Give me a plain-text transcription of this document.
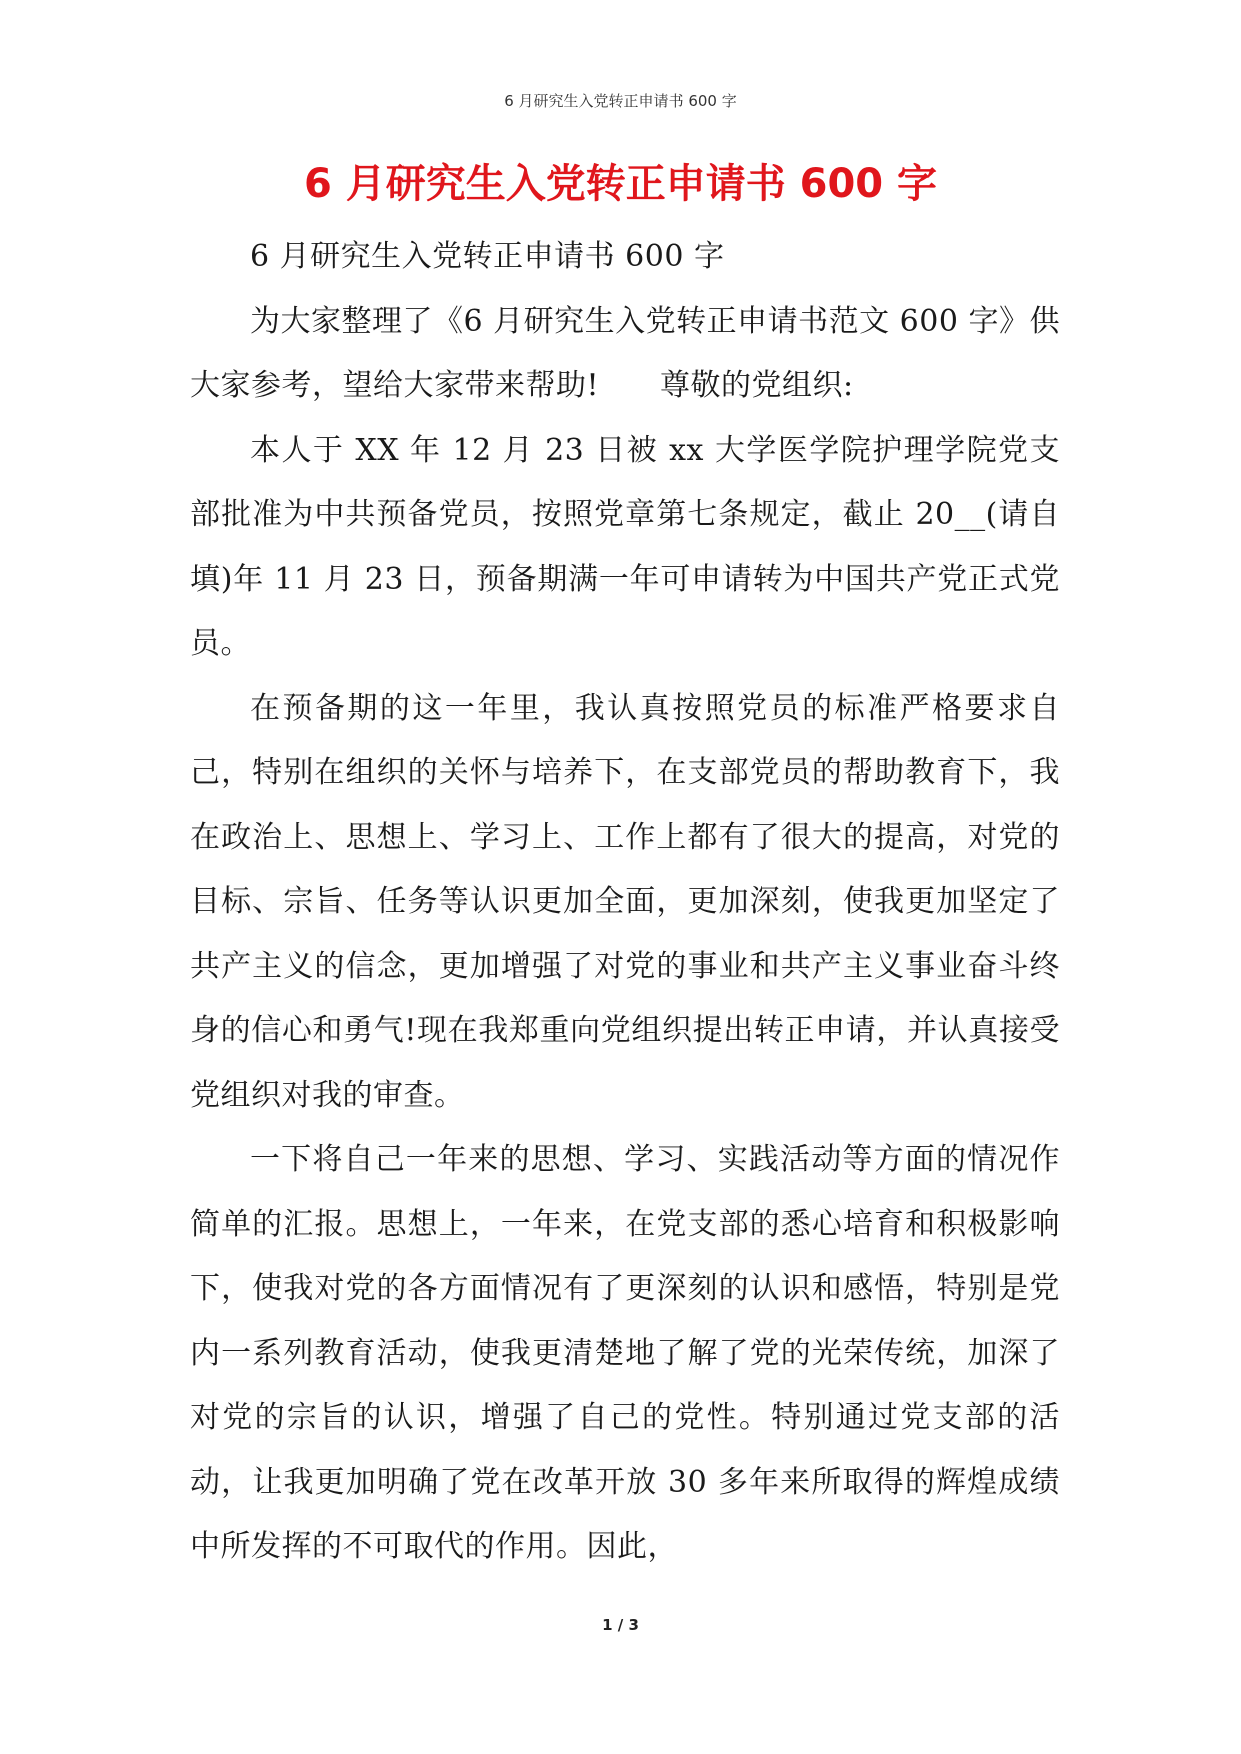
6 月研究生入党转正申请书 600 字
6 月研究生入党转正申请书 600 字

6 月研究生入党转正申请书 600 字

为大家整理了《6 月研究生入党转正申请书范文 600 字》供大家参考，望给大家带来帮助!　　尊敬的党组织:

本人于 XX 年 12 月 23 日被 xx 大学医学院护理学院党支部批准为中共预备党员，按照党章第七条规定，截止 20__(请自填)年 11 月 23 日，预备期满一年可申请转为中国共产党正式党员。

在预备期的这一年里，我认真按照党员的标准严格要求自己，特别在组织的关怀与培养下，在支部党员的帮助教育下，我在政治上、思想上、学习上、工作上都有了很大的提高，对党的目标、宗旨、任务等认识更加全面，更加深刻，使我更加坚定了共产主义的信念，更加增强了对党的事业和共产主义事业奋斗终身的信心和勇气!现在我郑重向党组织提出转正申请，并认真接受党组织对我的审查。

一下将自己一年来的思想、学习、实践活动等方面的情况作简单的汇报。思想上，一年来，在党支部的悉心培育和积极影响下，使我对党的各方面情况有了更深刻的认识和感悟，特别是党内一系列教育活动，使我更清楚地了解了党的光荣传统，加深了对党的宗旨的认识，增强了自己的党性。特别通过党支部的活动，让我更加明确了党在改革开放 30 多年来所取得的辉煌成绩中所发挥的不可取代的作用。因此，

1 / 3
